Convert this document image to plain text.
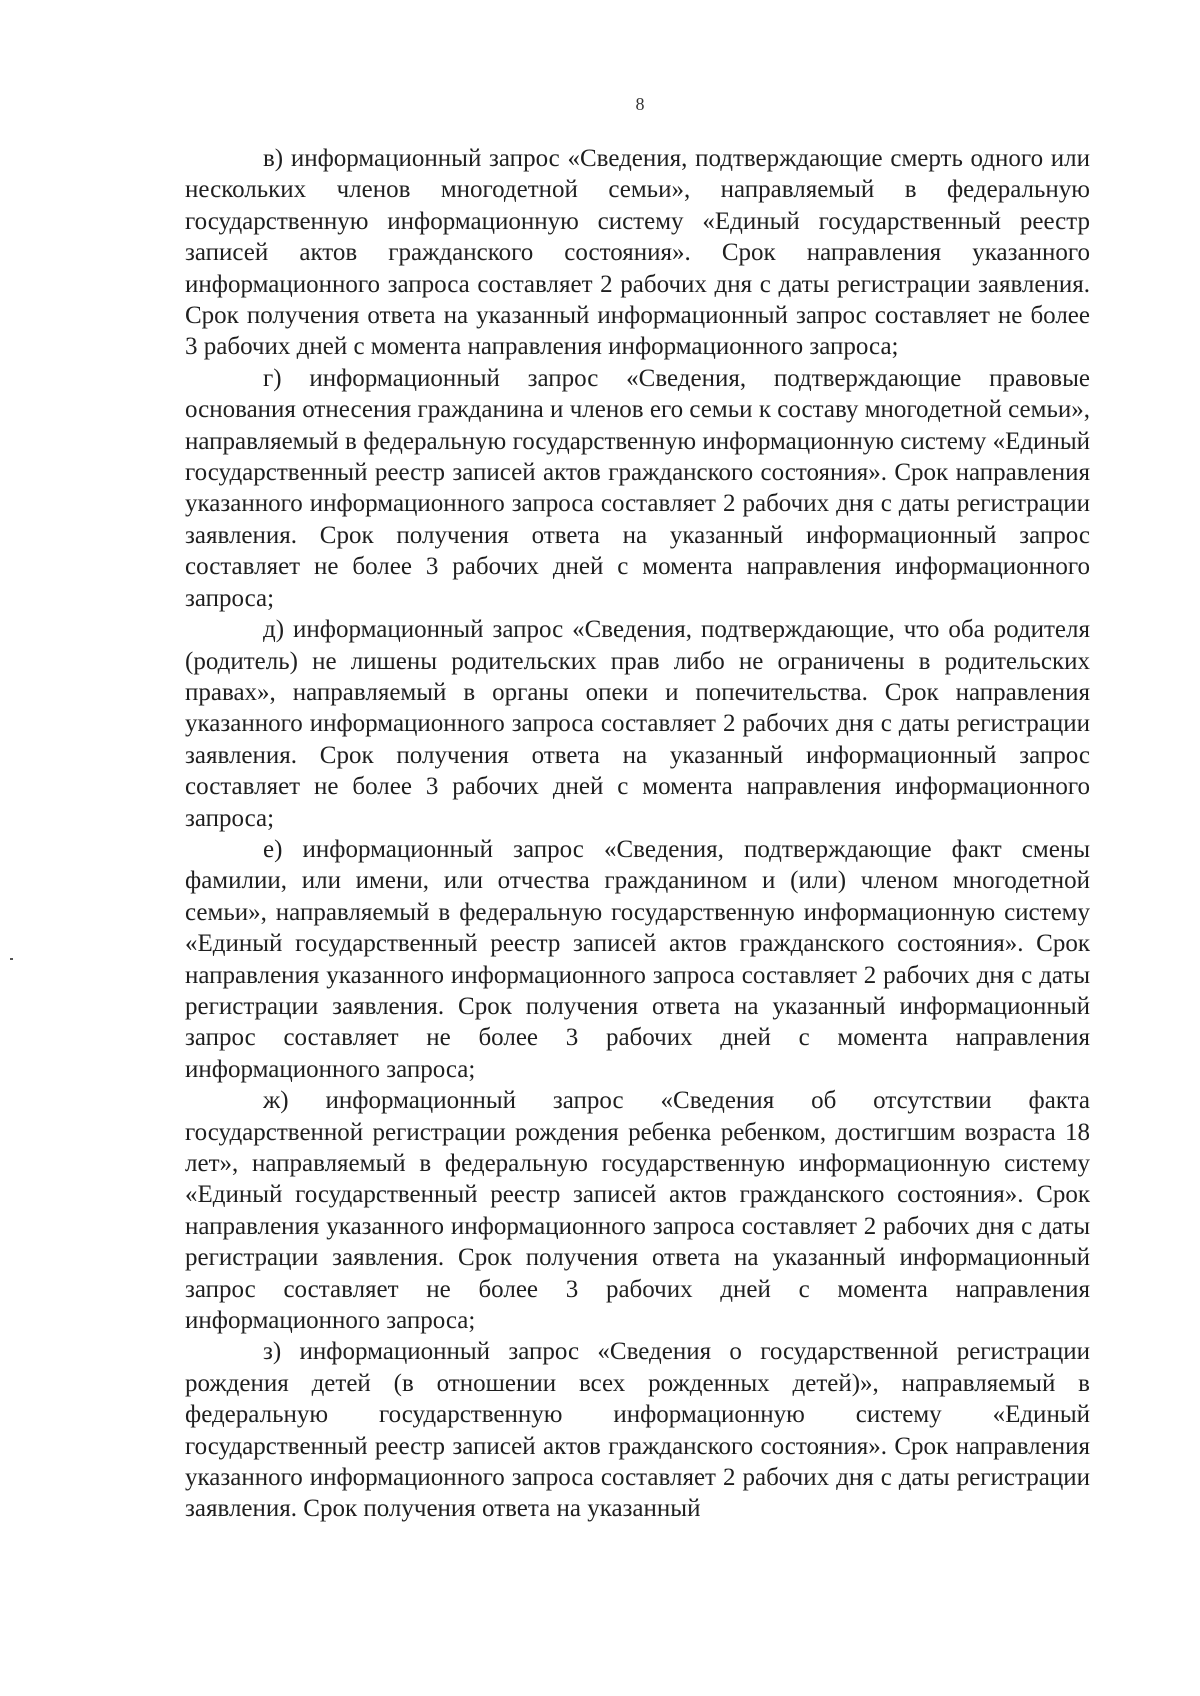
8

в) информационный запрос «Сведения, подтверждающие смерть одного или нескольких членов многодетной семьи», направляемый в федеральную государственную информационную систему «Единый государственный реестр записей актов гражданского состояния». Срок направления указанного информационного запроса составляет 2 рабочих дня с даты регистрации заявления. Срок получения ответа на указанный информационный запрос составляет не более 3 рабочих дней с момента направления информационного запроса;

г) информационный запрос «Сведения, подтверждающие правовые основания отнесения гражданина и членов его семьи к составу многодетной семьи», направляемый в федеральную государственную информационную систему «Единый государственный реестр записей актов гражданского состояния». Срок направления указанного информационного запроса составляет 2 рабочих дня с даты регистрации заявления. Срок получения ответа на указанный информационный запрос составляет не более 3 рабочих дней с момента направления информационного запроса;

д) информационный запрос «Сведения, подтверждающие, что оба родителя (родитель) не лишены родительских прав либо не ограничены в родительских правах», направляемый в органы опеки и попечительства. Срок направления указанного информационного запроса составляет 2 рабочих дня с даты регистрации заявления. Срок получения ответа на указанный информационный запрос составляет не более 3 рабочих дней с момента направления информационного запроса;

е) информационный запрос «Сведения, подтверждающие факт смены фамилии, или имени, или отчества гражданином и (или) членом многодетной семьи», направляемый в федеральную государственную информационную систему «Единый государственный реестр записей актов гражданского состояния». Срок направления указанного информационного запроса составляет 2 рабочих дня с даты регистрации заявления. Срок получения ответа на указанный информационный запрос составляет не более 3 рабочих дней с момента направления информационного запроса;

ж) информационный запрос «Сведения об отсутствии факта государственной регистрации рождения ребенка ребенком, достигшим возраста 18 лет», направляемый в федеральную государственную информационную систему «Единый государственный реестр записей актов гражданского состояния». Срок направления указанного информационного запроса составляет 2 рабочих дня с даты регистрации заявления. Срок получения ответа на указанный информационный запрос составляет не более 3 рабочих дней с момента направления информационного запроса;

з) информационный запрос «Сведения о государственной регистрации рождения детей (в отношении всех рожденных детей)», направляемый в федеральную государственную информационную систему «Единый государственный реестр записей актов гражданского состояния». Срок направления указанного информационного запроса составляет 2 рабочих дня с даты регистрации заявления. Срок получения ответа на указанный
